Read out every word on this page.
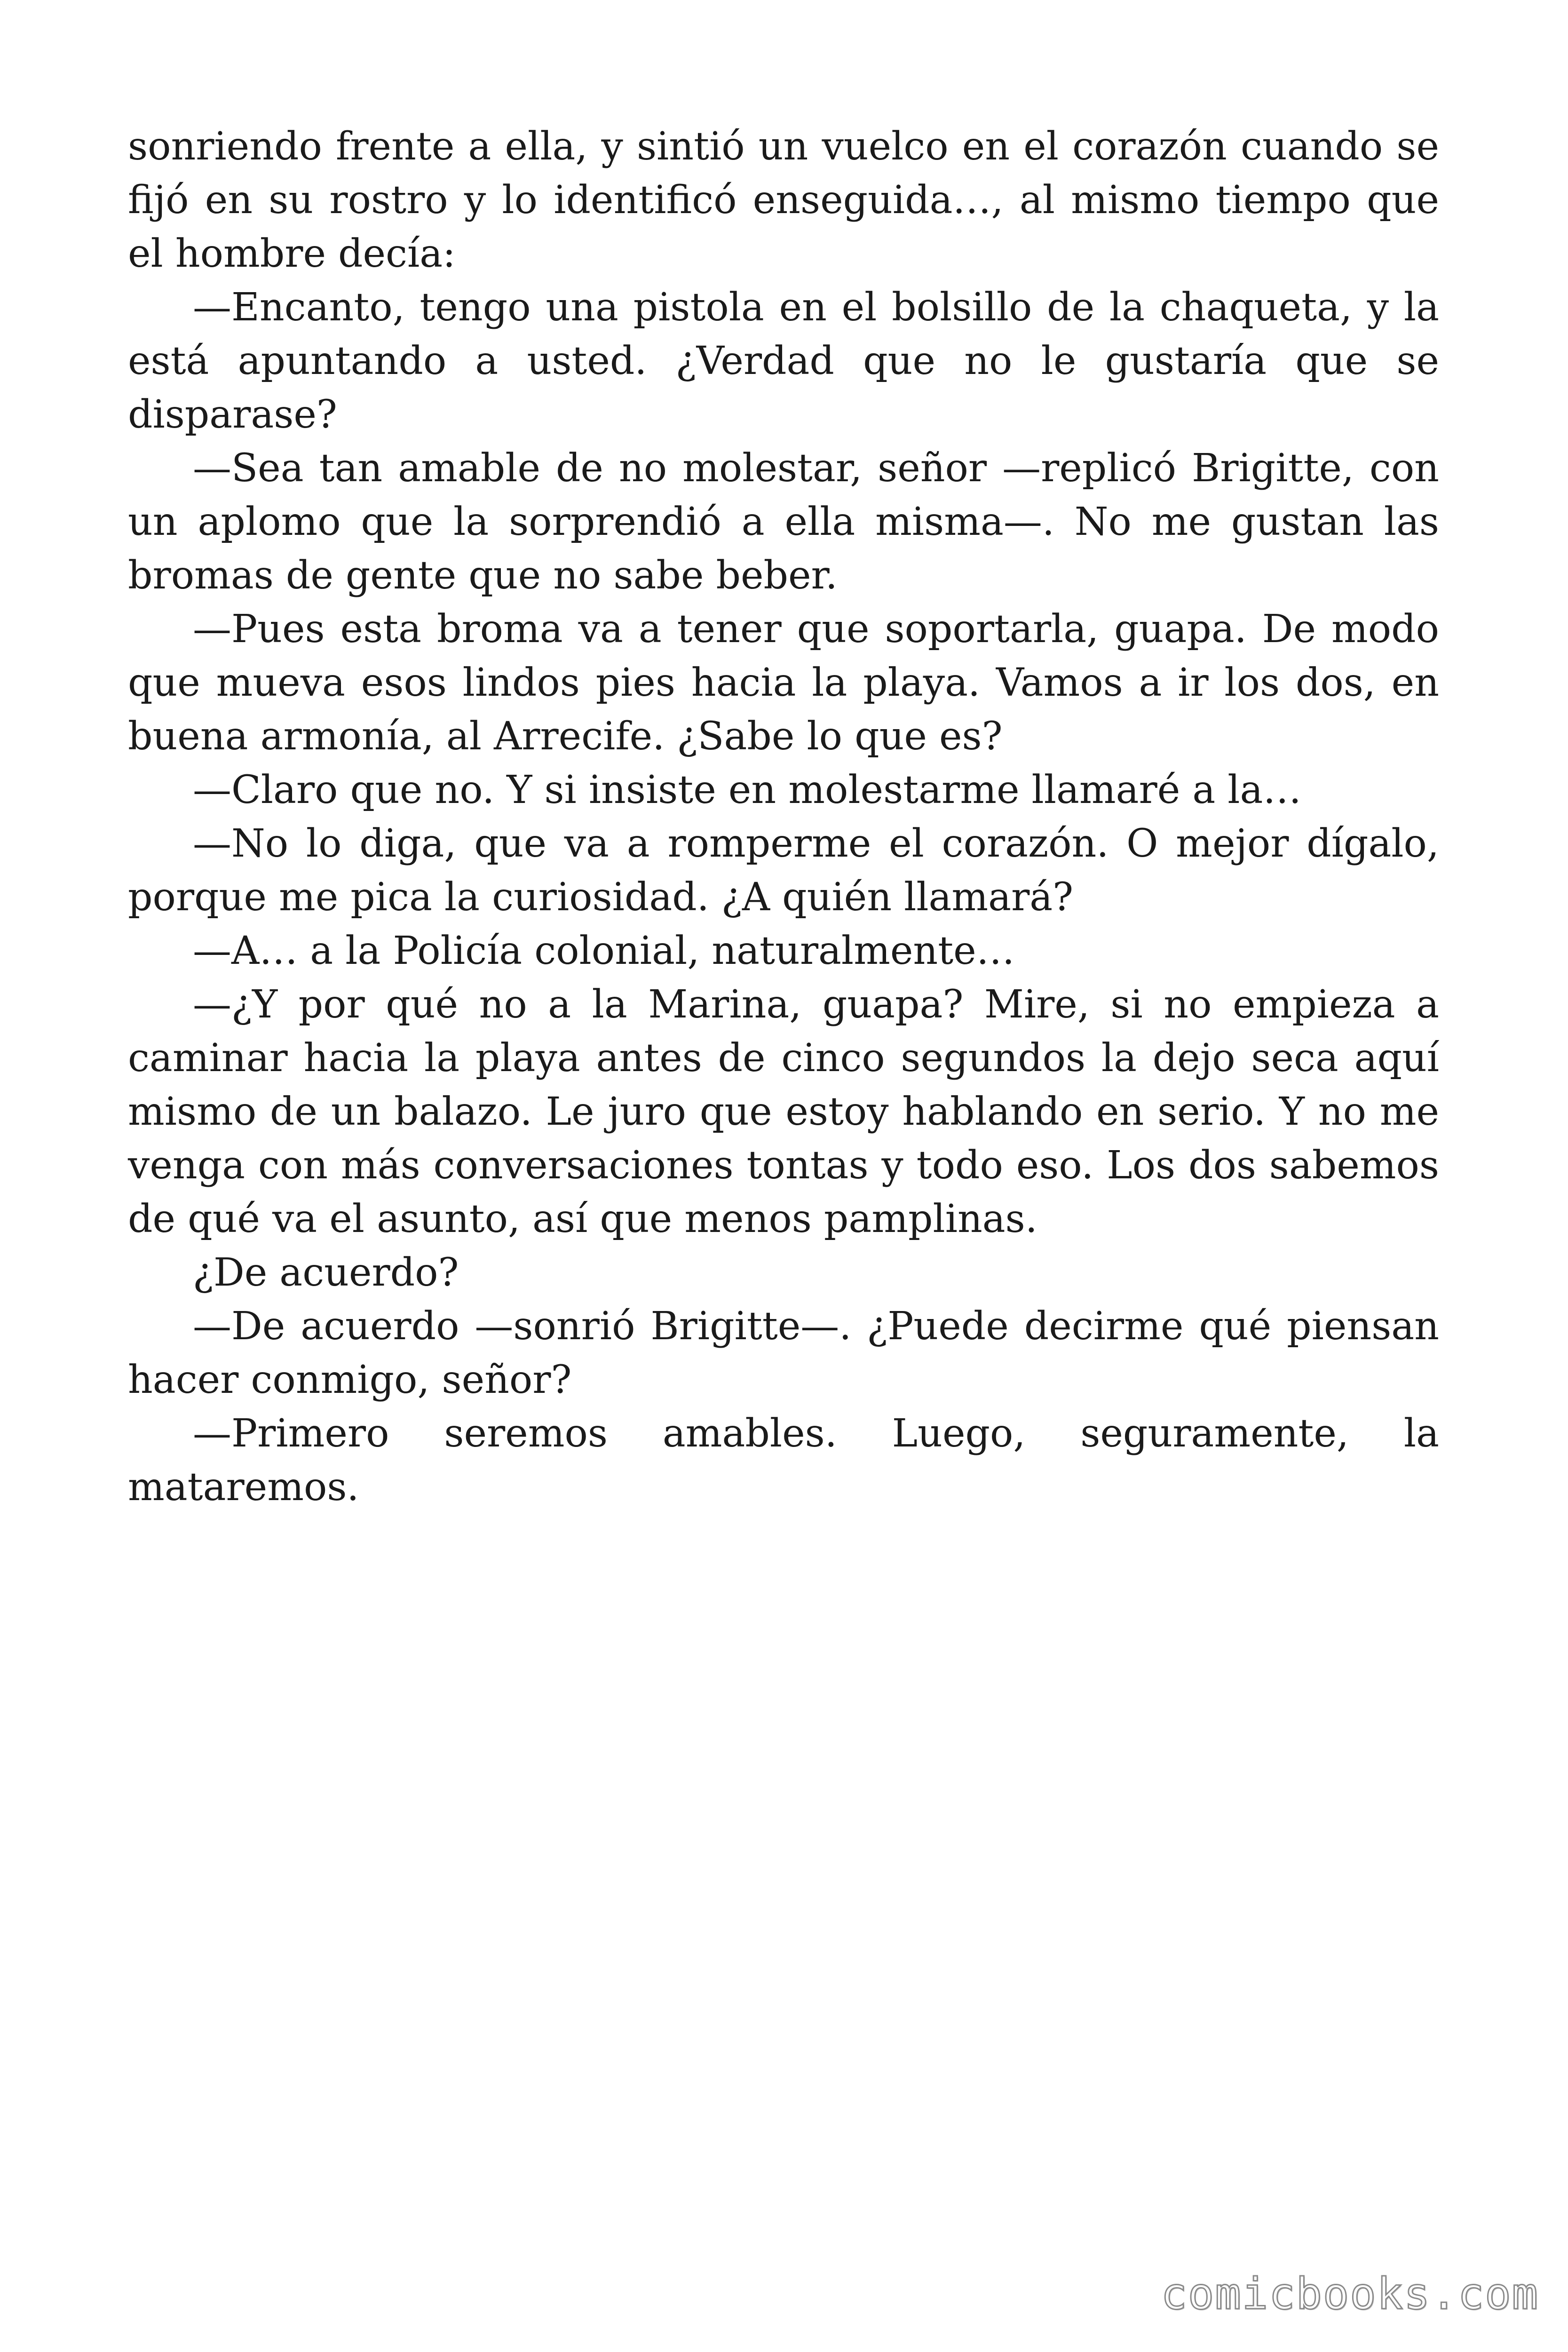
sonriendo frente a ella, y sintió un vuelco en el corazón cuando se fijó en su rostro y lo identificó enseguida…, al mismo tiempo que el hombre decía:

—Encanto, tengo una pistola en el bolsillo de la chaqueta, y la está apuntando a usted. ¿Verdad que no le gustaría que se disparase?

—Sea tan amable de no molestar, señor —replicó Brigitte, con un aplomo que la sorprendió a ella misma—. No me gustan las bromas de gente que no sabe beber.

—Pues esta broma va a tener que soportarla, guapa. De modo que mueva esos lindos pies hacia la playa. Vamos a ir los dos, en buena armonía, al Arrecife. ¿Sabe lo que es?

—Claro que no. Y si insiste en molestarme llamaré a la…

—No lo diga, que va a romperme el corazón. O mejor dígalo, porque me pica la curiosidad. ¿A quién llamará?

—A… a la Policía colonial, naturalmente…

—¿Y por qué no a la Marina, guapa? Mire, si no empieza a caminar hacia la playa antes de cinco segundos la dejo seca aquí mismo de un balazo. Le juro que estoy hablando en serio. Y no me venga con más conversaciones tontas y todo eso. Los dos sabemos de qué va el asunto, así que menos pamplinas.

¿De acuerdo?

—De acuerdo —sonrió Brigitte—. ¿Puede decirme qué piensan hacer conmigo, señor?

—Primero seremos amables. Luego, seguramente, la mataremos.

comicbooks.com
